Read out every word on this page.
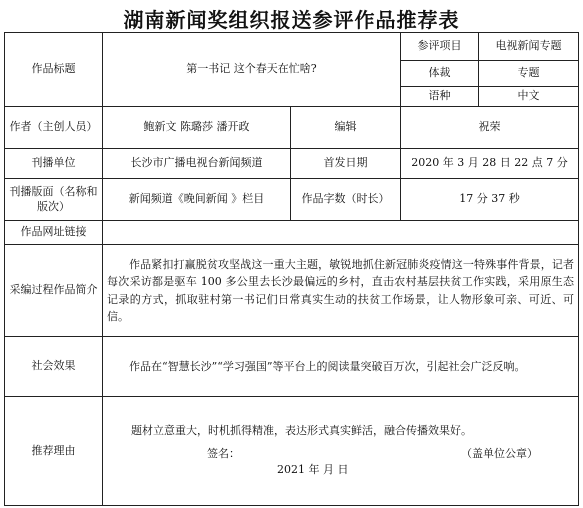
湖南新闻奖组织报送参评作品推荐表
作品标题	第一书记 这个春天在忙啥?		参评项目	电视新闻专题
			体裁	专题
			语种	中文
作者（主创人员）	鲍新文 陈璐莎 潘开政	编辑	祝荣	
刊播单位	长沙市广播电视台新闻频道	首发日期	2020 年 3 月 28 日 22 点 7 分	
刊播版面（名称和版次）	新闻频道《晚间新闻 》栏目	作品字数（时长）	17 分 37 秒	
作品网址链接				
采编过程作品简介	作品紧扣打赢脱贫攻坚战这一重大主题，敏锐地抓住新冠肺炎疫情这一特殊事件背景，记者每次采访都是驱车 100 多公里去长沙最偏远的乡村，直击农村基层扶贫工作实践，采用原生态记录的方式，抓取驻村第一书记们日常真实生动的扶贫工作场景，让人物形象可亲、可近、可信。			

社会效果	作品在“智慧长沙”“学习强国”等平台上的阅读量突破百万次，引起社会广泛反响。			

推荐理由	题材立意重大，时机抓得精准，表达形式真实鲜活，融合传播效果好。
签名： （盖单位公章）
2021 年 月 日			
